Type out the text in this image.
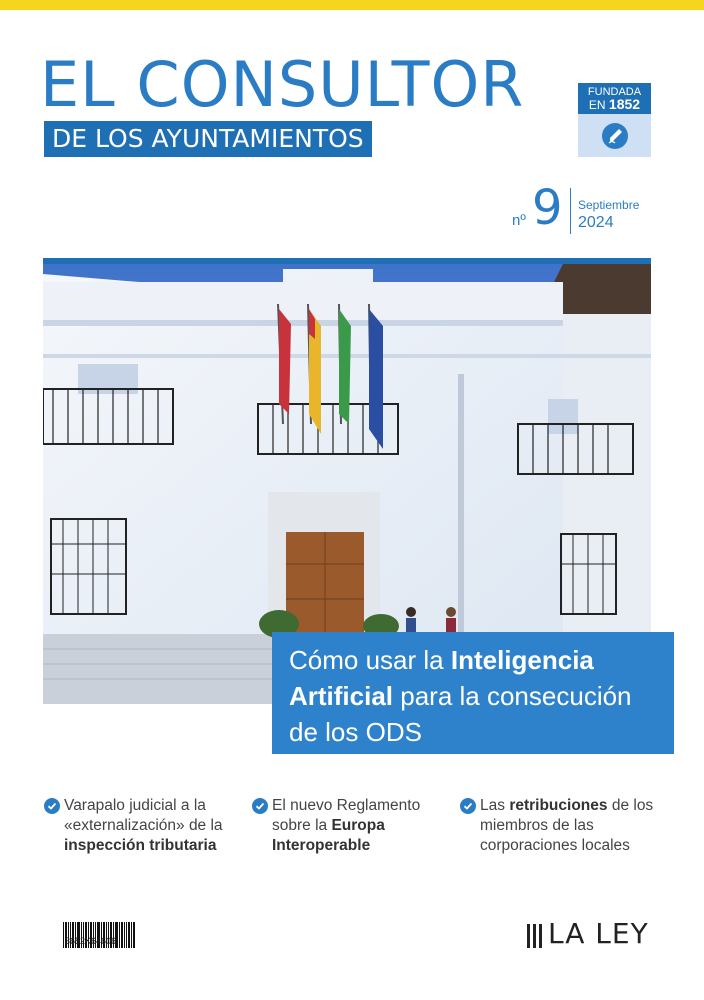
EL CONSULTOR
DE LOS AYUNTAMIENTOS
FUNDADA
EN 1852
nº 9 Septiembre
2024
Cómo usar la Inteligencia Artificial para la consecución de los ODS
Varapalo judicial a la «externalización» de la inspección tributaria
El nuevo Reglamento sobre la Europa Interoperable
Las retribuciones de los miembros de las corporaciones locales
3652K64606	LA LEY
